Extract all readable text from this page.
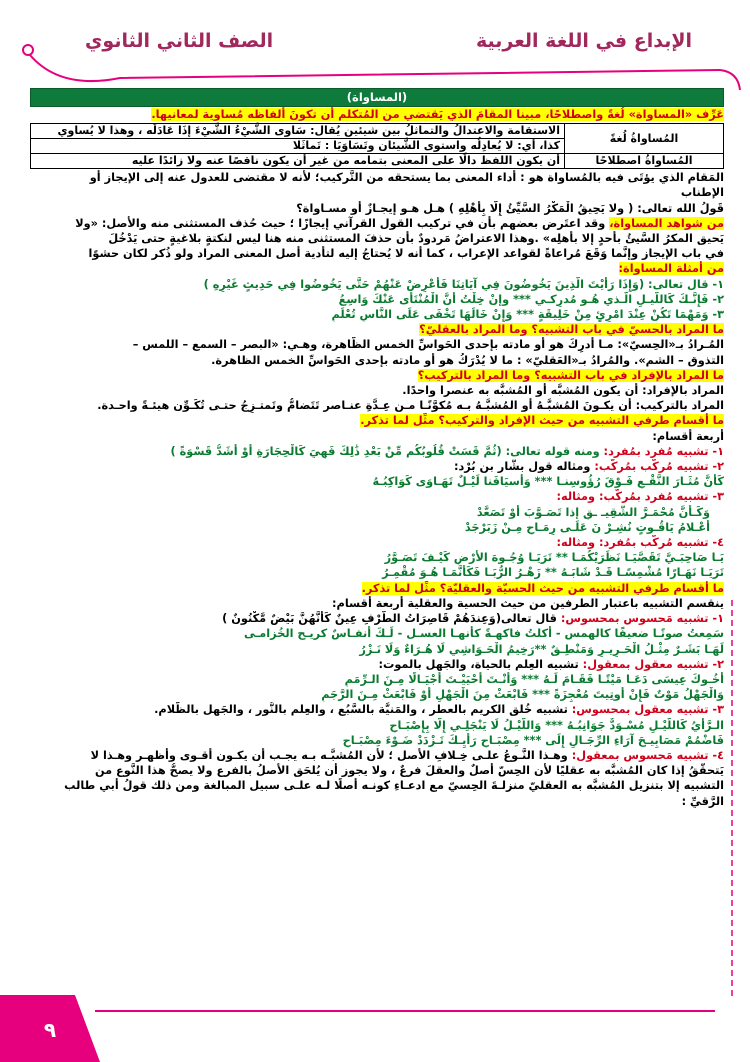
الإبداع في اللغة العربية
الصف الثاني الثانوي
(المساواة)
عَرِّف «المساواة» لُغةً واصطلاحًا، مبينا المقامَ الذي يَقتضي من المُتكلم أن تكونَ ألفاظه مُساوية لمعانيها.
المُساواةُ لُغةً	الاستقامة والاعتدالُ والتماثلُ بين شيئين يُقال: سَاوى الشَّيْءُ الشَّيْءَ إذَا عَادَلَه ، وهذا لا يُساوي
	كذا، أي: لا يُعادِلُه واستوى الشَّيئان وتَسَاوَيَا : تَماثَلا
المُساواةُ اصطلاحًا	أن يكون اللفظ دالًا على المعنى بتمامه من غير أن يكون ناقصًا عنه ولا زائدًا عليه
المَقام الذي يؤتَى فيه بالمُساواة هو : أداء المعنى بما يستحقه من التَّركيب؛ لأنه لا مقتضى للعدول عنه إلى الإيجاز أو
الإطناب
قَولُ الله تعالى: ( ولا يَحِيقُ الْمَكْرُ السَّيِّئُ إِلَّا بِأَهْلِهِ ) هـل هـو إيجـازٌ أو مسـاواة؟
من شواهد المساواة، وقد اعتَرض بعضهم بأَن في تركيب القول القرآني إيجازًا ؛ حيث حُذف المستثنى منه والأصل: «ولا
يَحيق المكرُ السَّيئُ بأحدٍ إلا بأهلِه» .وهذا الاعتراضُ مَردودٌ بأن حذفَ المستثنى منه هنا ليس لنكتةٍ بلاغيةٍ حتى يَدْخُلَ
في باب الإيجاز وإنَّما وَقَعَ مُراعاةً لقواعد الإعراب ، كما أنه لا يُحتاجُ إليه لتأدية أصل المعنى المراد ولو ذُكر لكان حشوًا
من أمثلة المساواة:
١- قال تعالى: (وَإِذَا رَأَيْتَ الَّذِينَ يَخُوضُونَ فِي آيَاتِنَا فَأَعْرِضْ عَنْهُمْ حَتَّى يَخُوضُوا فِي حَدِيثٍ غَيْرِهِ )
٢- فَإِنَّـكَ كَاللَّيـلِ الَّـذي هُـو مُدرِكـي *** وإنْ خِلْتُ أَنَّ الْمُنْتَأَى عَنْكَ وَاسِعُ
٣- وَمَهْمَا تَكُنْ عِنْدَ امْرِئٍ مِنْ خَلِيقَةٍ *** وَإِنْ خَالَهَا تَخْفَى عَلَى النَّاسِ تُعْلَمِ
ما المراد بالحسيّ في باب التشبيه؟ وما المراد بالعقليّ؟
المُـرادُ بـ«الحِسيّ»: مـا أُدرِكَ هو أو مادته بإحدى الحَواسِّ الخمس الظَّاهرة، وهـي: «البصر – السمع – اللمس –
التذوق – الشم». والمُرادُ بـ«العَقليّ» : ما لا يُدْرَكُ هو أو مادته بإحدى الحَواسِّ الخمس الظاهرة.
ما المراد بالإفراد في باب التشبيه؟ وما المراد بالتركيب؟
المراد بالإفراد: أن يكون المُشبَّه أو المُشبَّه به عنصرا واحدًا.
المراد بالتركيب: أن يكـونَ المُشبَّـهُ أو المُشبَّـهُ بـه مُكوَّنًـا مـن عِـدَّةِ عنـاصر تَتَضامُّ وتَمتـزِجُ حتـى تُكَـوِّن هيئـةً واحـدة.
ما أقسام طرفي التشبيه من حيث الإفراد والتركيب؟ مثِّل لما تذكر.
أربعة أقسام:
١- تشبيه مُفرد بمُفرد: ومنه قوله تعالى: (ثُمَّ قَسَتْ قُلُوبُكُم مِّنْ بَعْدِ ذَٰلِكَ فَهِيَ كَالْحِجَارَةِ أَوْ أَشَدُّ قَسْوَةً )
٢- تشبيه مُركَّب بمُركَّب: ومثاله قول بشَّار بن بُرْد:
كَأَنَّ مُثَـارَ النَّقْـعِ فَـوْقَ رُؤُوسِنـا *** وَأَسيَافَنا لَيْـلٌ تَهَـاوَى كَوَاكِبُـهُ
٣- تشبيه مُفرد بمُركَّب: ومثاله:
وَكَـأَنَّ مُحْمَـرَّ الشَّقِيـ ـقِ إذا تَصَـوَّبَ أَوْ تَصَعَّدْ
أَعْـلامُ يَاقُـوتٍ نُشِـرْ نَ عَلَـى رِمَـاحٍ مِـنْ زَبَرْجَدْ
٤- تشبيه مُركَّب بمُفرد: ومثاله:
يَـا صَاحِبَـيَّ تَقَصَّيَـا نَظَرَيْكُمَـا ** تَرَيَـا وُجُـوهَ الأَرْضِ كَيْـفَ تَصَـوَّرُ
تَرَيَـا نَهَـارًا مُشْمِسًـا قَـدْ شَابَـهُ ** زَهْـرُ الرُّبَـا فَكَأَنَّمَـا هُـوَ مُقْمِـرُ
ما أقسام طرفي التشبيه من حيث الحسيّة والعقليّة؟ مثِّل لما تذكر.
ينقسم التشبيه باعتبار الطرفين من حيث الحسية والعقلية أربعة أقسام:
١- تشبيه مَحسوس بمحسوس: قال تعالى(وَعِندَهُمْ قَاصِرَاتُ الطَّرْفِ عِينٌ كَأَنَّهُنَّ بَيْضٌ مَّكْنُونٌ )
سَمِعتُ صوتًـا ضعيفًا كالهمس - أكلتُ فاكهـةً كأنهـا العسـل - لَـكَ أنفـاسٌ كريـح الخُزامـى
لَهَـا بَشَـرٌ مِثْـلُ الْحَـرِيـرِ وَمَنْطِـقٌ **رَخِيمُ الْحَـوَاشِي لَا هُـرَاءٌ وَلَا نَـزْرُ
٢- تشبيه معقول بمعقول: تشبيه العِلم بالحياة، والجَهل بالموت:
أَخُـوكَ عِيسَى دَعَـا مَيْتًـا فَقَـامَ لَـهُ *** وَأَنْـتَ أَحْيَيْـتَ أَجْيَـالًا مِـنَ الـرِّمَمِ
وَالْجَهْلُ مَوْتٌ فَإِنْ أُوتِيتَ مُعْجِزَةً *** فَابْعَثْ مِنَ الْجَهْلِ أَوْ فَابْعَثْ مِـنَ الرَّجَمِ
٣- تشبيه معقول بمحسوس: تشبيه خُلق الكريم بالعطر ، والمَنيَّة بالسَّبُع ، والعِلم بالنُّور ، والجَهل بالظَّلام.
الـرَّأْيُ كَاللَّيْـلِ مُسْـوَدٌّ جَوَانِبُـهُ *** وَاللَّيْـلُ لَا يَنْجَلِـي إِلَّا بِإِصْبَـاحِ
فَاضْمُمْ مَصَابِيـحَ آرَاءِ الرِّجَـالِ إِلَى *** مِصْبَـاحِ رَأْيِـكَ تَـزْدَدْ ضَـوْءَ مِصْبَـاحِ
٤- تشبيه مَحسوس بمعقول: وهـذا النَّـوعُ علـى خِـلافِ الأصل ؛ لأن المُشبَّـه بـه يجـب أن يكـون أقـوى وأظهـر وهـذا لا
يَتحقَّقُ إذا كان المُشبَّه به عقليًا لأن الحِسّ أصلٌ والعقلَ فرعٌ ، ولا يجوز أن يُلحَق الأصلُ بالفرع ولا يصحُّ هذا النَّوع من
التشبيه إلا بتنزيل المُشبَّه به العقليّ منزلـةَ الحِسيّ مع ادعـاءِ كونـه أصلًا لـه علـى سبيل المبالغة ومن ذلك قولُ أبي طالب
الرَّقيِّ :
٩
